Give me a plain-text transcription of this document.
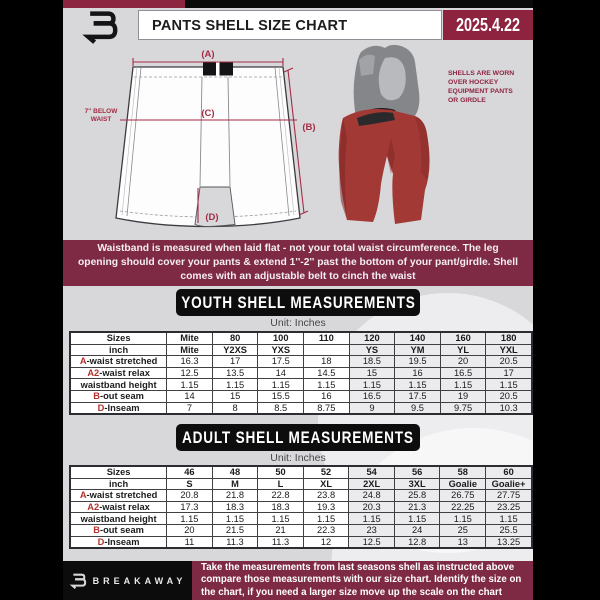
PANTS SHELL SIZE CHART	2025.4.22
(A)
(B)
(C)
(D)
7'' BELOW WAIST
SHELLS ARE WORN OVER HOCKEY EQUIPMENT PANTS OR GIRDLE
Waistband is measured when laid flat - not your total waist circumference. The leg opening should cover your pants & extend 1''-2'' past the bottom of your pant/girdle. Shell comes with an adjustable belt to cinch the waist
YOUTH SHELL MEASUREMENTS
Unit: Inches
Sizes	Mite	80	100	110	120	140	160	180
inch	Mite	Y2XS	YXS		YS	YM	YL	YXL
A-waist stretched	16.3	17	17.5	18	18.5	19.5	20	20.5
A2-waist relax	12.5	13.5	14	14.5	15	16	16.5	17
waistband height	1.15	1.15	1.15	1.15	1.15	1.15	1.15	1.15
B-out seam	14	15	15.5	16	16.5	17.5	19	20.5
D-Inseam	7	8	8.5	8.75	9	9.5	9.75	10.3
ADULT SHELL MEASUREMENTS
Unit: Inches
Sizes	46	48	50	52	54	56	58	60
inch	S	M	L	XL	2XL	3XL	Goalie	Goalie+
A-waist stretched	20.8	21.8	22.8	23.8	24.8	25.8	26.75	27.75
A2-waist relax	17.3	18.3	18.3	19.3	20.3	21.3	22.25	23.25
waistband height	1.15	1.15	1.15	1.15	1.15	1.15	1.15	1.15
B-out seam	20	21.5	21	22.3	23	24	25	25.5
D-Inseam	11	11.3	11.3	12	12.5	12.8	13	13.25
BREAKAWAY
Take the measurements from last seasons shell as instructed above compare those measurements with our size chart. Identify the size on the chart, if you need a larger size move up the scale on the chart
